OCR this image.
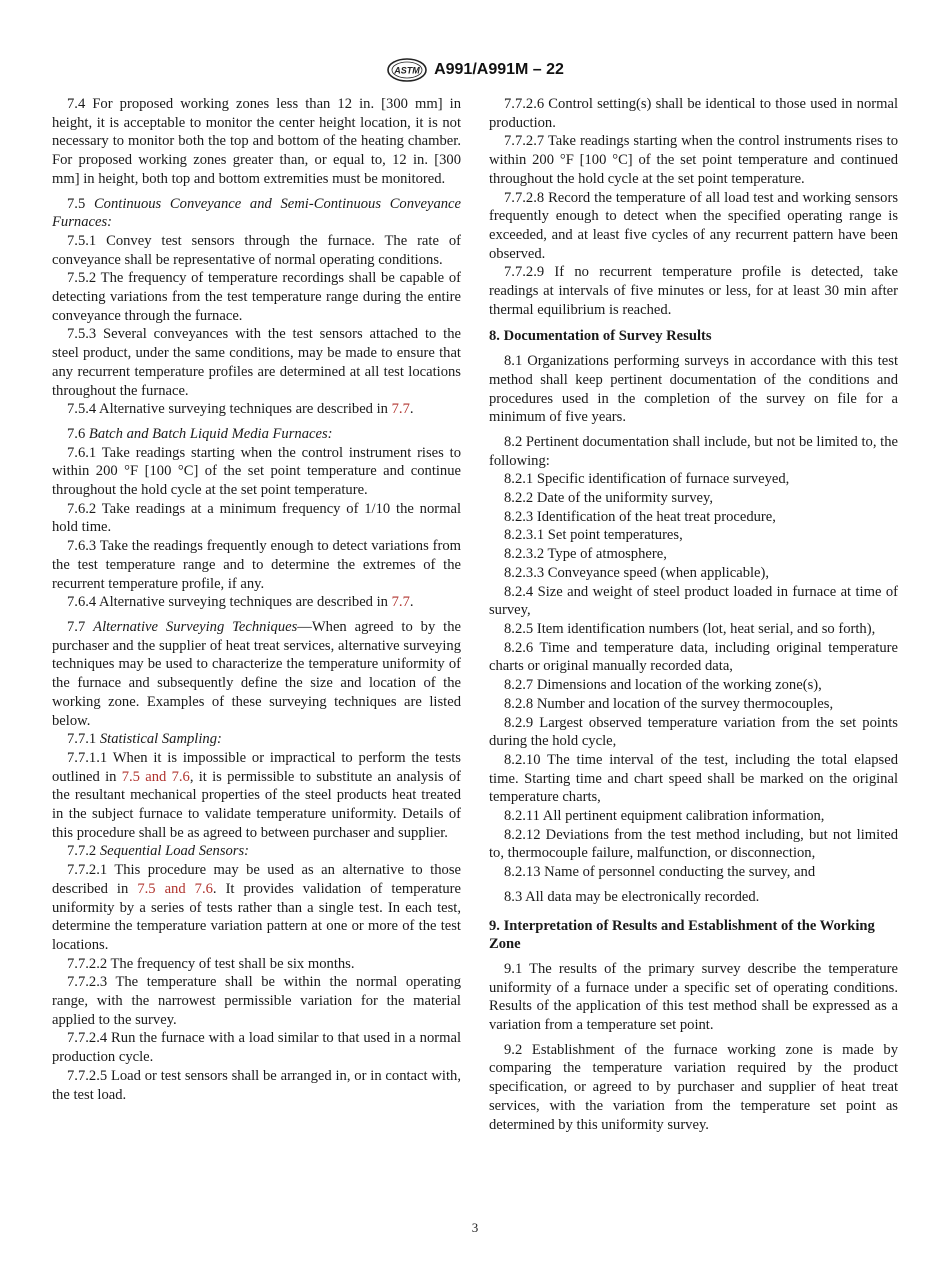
ASTM A991/A991M – 22

7.4 For proposed working zones less than 12 in. [300 mm] in height, it is acceptable to monitor the center height location, it is not necessary to monitor both the top and bottom of the heating chamber. For proposed working zones greater than, or equal to, 12 in. [300 mm] in height, both top and bottom extremities must be monitored.

7.5 Continuous Conveyance and Semi-Continuous Conveyance Furnaces:

7.5.1 Convey test sensors through the furnace. The rate of conveyance shall be representative of normal operating conditions.

7.5.2 The frequency of temperature recordings shall be capable of detecting variations from the test temperature range during the entire conveyance through the furnace.

7.5.3 Several conveyances with the test sensors attached to the steel product, under the same conditions, may be made to ensure that any recurrent temperature profiles are determined at all test locations throughout the furnace.

7.5.4 Alternative surveying techniques are described in 7.7.

7.6 Batch and Batch Liquid Media Furnaces:

7.6.1 Take readings starting when the control instrument rises to within 200 °F [100 °C] of the set point temperature and continue throughout the hold cycle at the set point temperature.

7.6.2 Take readings at a minimum frequency of 1/10 the normal hold time.

7.6.3 Take the readings frequently enough to detect variations from the test temperature range and to determine the extremes of the recurrent temperature profile, if any.

7.6.4 Alternative surveying techniques are described in 7.7.

7.7 Alternative Surveying Techniques—When agreed to by the purchaser and the supplier of heat treat services, alternative surveying techniques may be used to characterize the temperature uniformity of the furnace and subsequently define the size and location of the working zone. Examples of these surveying techniques are listed below.

7.7.1 Statistical Sampling:

7.7.1.1 When it is impossible or impractical to perform the tests outlined in 7.5 and 7.6, it is permissible to substitute an analysis of the resultant mechanical properties of the steel products heat treated in the subject furnace to validate temperature uniformity. Details of this procedure shall be as agreed to between purchaser and supplier.

7.7.2 Sequential Load Sensors:

7.7.2.1 This procedure may be used as an alternative to those described in 7.5 and 7.6. It provides validation of temperature uniformity by a series of tests rather than a single test. In each test, determine the temperature variation pattern at one or more of the test locations.

7.7.2.2 The frequency of test shall be six months.

7.7.2.3 The temperature shall be within the normal operating range, with the narrowest permissible variation for the material applied to the survey.

7.7.2.4 Run the furnace with a load similar to that used in a normal production cycle.

7.7.2.5 Load or test sensors shall be arranged in, or in contact with, the test load.

7.7.2.6 Control setting(s) shall be identical to those used in normal production.

7.7.2.7 Take readings starting when the control instruments rises to within 200 °F [100 °C] of the set point temperature and continued throughout the hold cycle at the set point temperature.

7.7.2.8 Record the temperature of all load test and working sensors frequently enough to detect when the specified operating range is exceeded, and at least five cycles of any recurrent pattern have been observed.

7.7.2.9 If no recurrent temperature profile is detected, take readings at intervals of five minutes or less, for at least 30 min after thermal equilibrium is reached.

8. Documentation of Survey Results

8.1 Organizations performing surveys in accordance with this test method shall keep pertinent documentation of the conditions and procedures used in the completion of the survey on file for a minimum of five years.

8.2 Pertinent documentation shall include, but not be limited to, the following:

8.2.1 Specific identification of furnace surveyed,

8.2.2 Date of the uniformity survey,

8.2.3 Identification of the heat treat procedure,

8.2.3.1 Set point temperatures,

8.2.3.2 Type of atmosphere,

8.2.3.3 Conveyance speed (when applicable),

8.2.4 Size and weight of steel product loaded in furnace at time of survey,

8.2.5 Item identification numbers (lot, heat serial, and so forth),

8.2.6 Time and temperature data, including original temperature charts or original manually recorded data,

8.2.7 Dimensions and location of the working zone(s),

8.2.8 Number and location of the survey thermocouples,

8.2.9 Largest observed temperature variation from the set points during the hold cycle,

8.2.10 The time interval of the test, including the total elapsed time. Starting time and chart speed shall be marked on the original temperature charts,

8.2.11 All pertinent equipment calibration information,

8.2.12 Deviations from the test method including, but not limited to, thermocouple failure, malfunction, or disconnection,

8.2.13 Name of personnel conducting the survey, and

8.3 All data may be electronically recorded.

9. Interpretation of Results and Establishment of the Working Zone

9.1 The results of the primary survey describe the temperature uniformity of a furnace under a specific set of operating conditions. Results of the application of this test method shall be expressed as a variation from a temperature set point.

9.2 Establishment of the furnace working zone is made by comparing the temperature variation required by the product specification, or agreed to by purchaser and supplier of heat treat services, with the variation from the temperature set point as determined by this uniformity survey.

3
